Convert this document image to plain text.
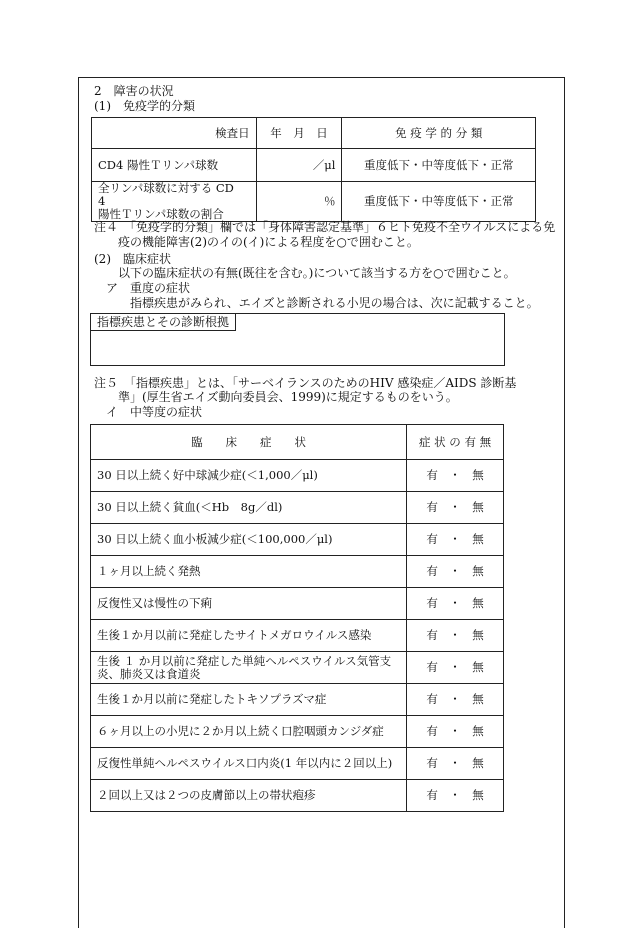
2　障害の状況
(1)　免疫学的分類
検査日	年　月　日	免 疫 学 的 分 類
CD4 陽性Ｔリンパ球数	／μl	重度低下・中等度低下・正常

全リンパ球数に対する CD　4
陽性Ｔリンパ球数の割合	％	重度低下・中等度低下・正常
注４　「免疫学的分類」欄では「身体障害認定基準」６ヒト免疫不全ウイルスによる免
疫の機能障害(2)のイの(イ)による程度を○で囲むこと。
(2)　臨床症状
以下の臨床症状の有無(既往を含む。)について該当する方を○で囲むこと。
ア　重度の症状
指標疾患がみられ、エイズと診断される小児の場合は、次に記載すること。
指標疾患とその診断根拠
注５　「指標疾患」とは、「サーベイランスのためのHIV 感染症／AIDS 診断基
準」(厚生省エイズ動向委員会、1999)に規定するものをいう。
イ　中等度の症状
臨　　床　　症　　状	症 状 の 有 無
30 日以上続く好中球減少症(＜1,000／μl)	有　・　無
30 日以上続く貧血(＜Hb　8g／dl)	有　・　無
30 日以上続く血小板減少症(＜100,000／μl)	有　・　無
１ヶ月以上続く発熱	有　・　無
反復性又は慢性の下痢	有　・　無
生後１か月以前に発症したサイトメガロウイルス感染	有　・　無

生後 １ か月以前に発症した単純ヘルペスウイルス気管支
炎、肺炎又は食道炎	有　・　無
生後１か月以前に発症したトキソプラズマ症	有　・　無
６ヶ月以上の小児に２か月以上続く口腔咽頭カンジダ症	有　・　無
反復性単純ヘルペスウイルス口内炎(1 年以内に２回以上)	有　・　無
２回以上又は２つの皮膚節以上の帯状疱疹	有　・　無
